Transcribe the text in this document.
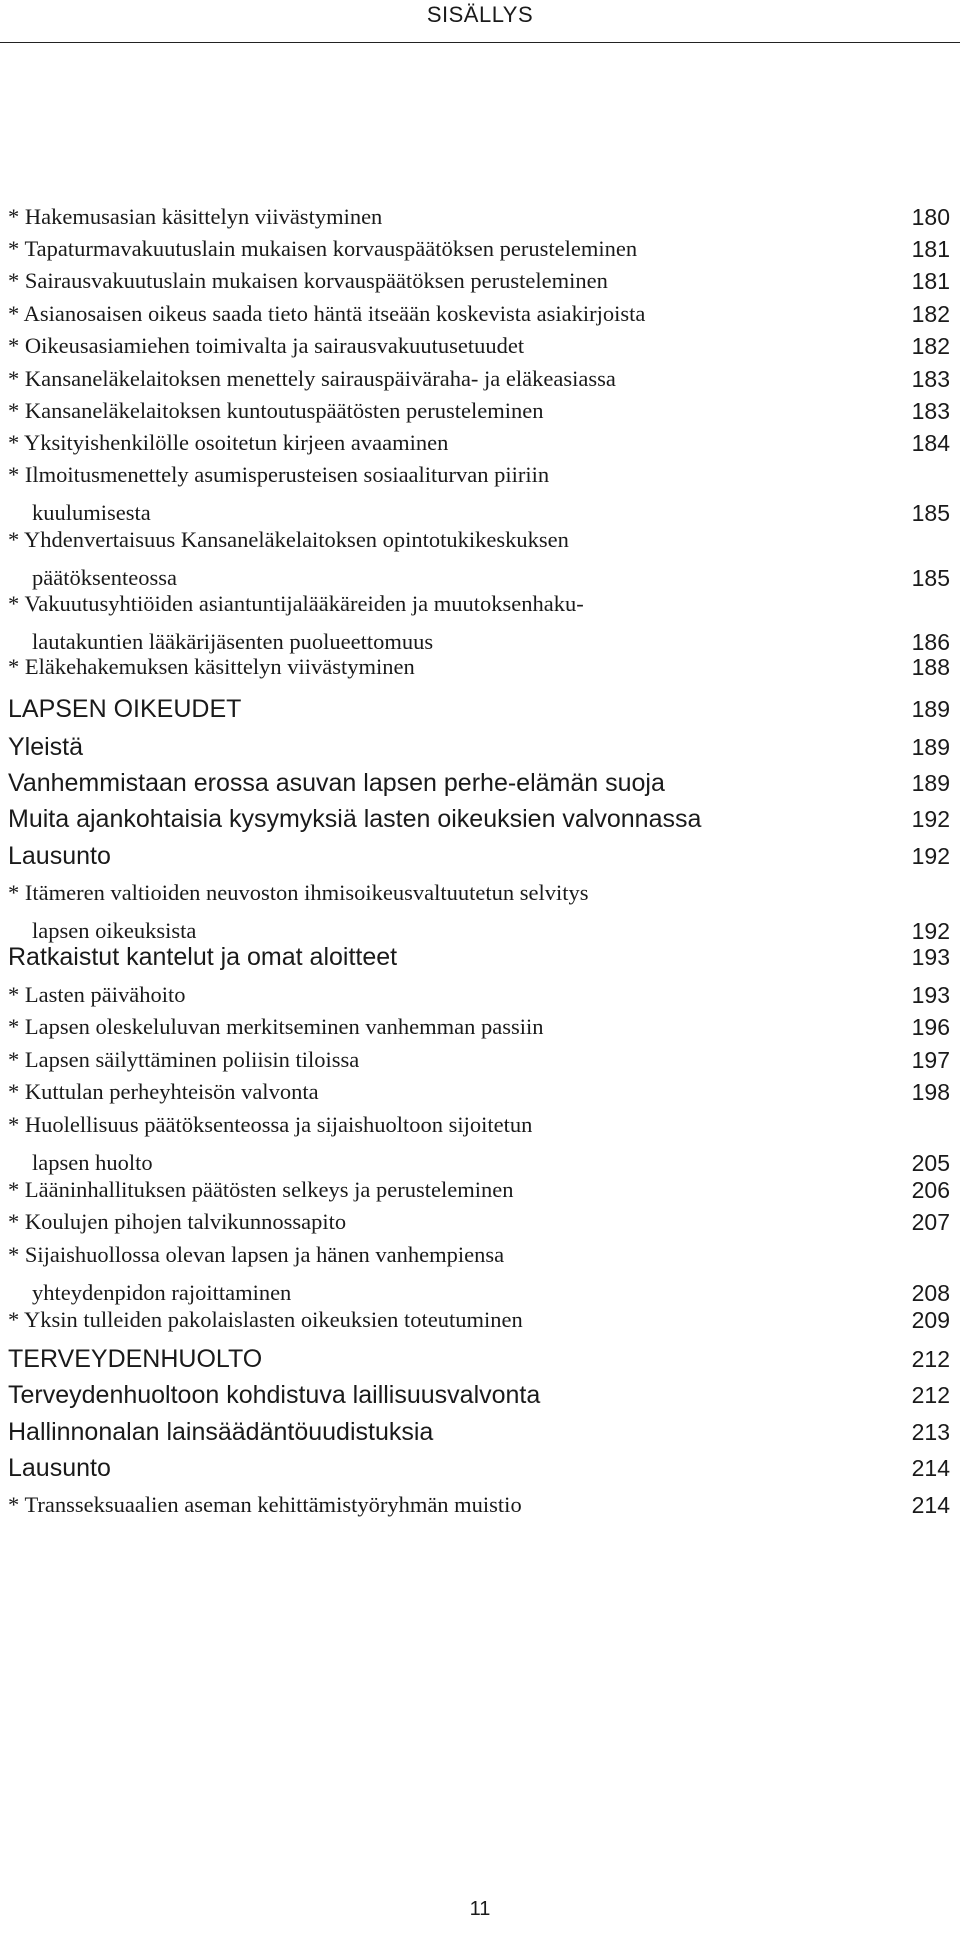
SISÄLLYS
* Hakemusasian käsittelyn viivästyminen	180
* Tapaturmavakuutuslain mukaisen korvauspäätöksen perusteleminen	181
* Sairausvakuutuslain mukaisen korvauspäätöksen perusteleminen	181
* Asianosaisen oikeus saada tieto häntä itseään koskevista asiakirjoista	182
* Oikeusasiamiehen toimivalta ja sairausvakuutusetuudet	182
* Kansaneläkelaitoksen menettely sairauspäiväraha- ja eläkeasiassa	183
* Kansaneläkelaitoksen kuntoutuspäätösten perusteleminen	183
* Yksityishenkilölle osoitetun kirjeen avaaminen	184
* Ilmoitusmenettely asumisperusteisen sosiaaliturvan piiriin
kuulumisesta	185
* Yhdenvertaisuus Kansaneläkelaitoksen opintotukikeskuksen
päätöksenteossa	185
* Vakuutusyhtiöiden asiantuntijalääkäreiden ja muutoksenhaku-
lautakuntien lääkärijäsenten puolueettomuus	186
* Eläkehakemuksen käsittelyn viivästyminen	188
LAPSEN OIKEUDET	189
Yleistä	189
Vanhemmistaan erossa asuvan lapsen perhe-elämän suoja	189
Muita ajankohtaisia kysymyksiä lasten oikeuksien valvonnassa	192
Lausunto	192
* Itämeren valtioiden neuvoston ihmisoikeusvaltuutetun selvitys
lapsen oikeuksista	192
Ratkaistut kantelut ja omat aloitteet	193
* Lasten päivähoito	193
* Lapsen oleskeluluvan merkitseminen vanhemman passiin	196
* Lapsen säilyttäminen poliisin tiloissa	197
* Kuttulan perheyhteisön valvonta	198
* Huolellisuus päätöksenteossa ja sijaishuoltoon sijoitetun
lapsen huolto	205
* Lääninhallituksen päätösten selkeys ja perusteleminen	206
* Koulujen pihojen talvikunnossapito	207
* Sijaishuollossa olevan lapsen ja hänen vanhempiensa
yhteydenpidon rajoittaminen	208
* Yksin tulleiden pakolaislasten oikeuksien toteutuminen	209
TERVEYDENHUOLTO	212
Terveydenhuoltoon kohdistuva laillisuusvalvonta	212
Hallinnonalan lainsäädäntöuudistuksia	213
Lausunto	214
* Transseksuaalien aseman kehittämistyöryhmän muistio	214
11
